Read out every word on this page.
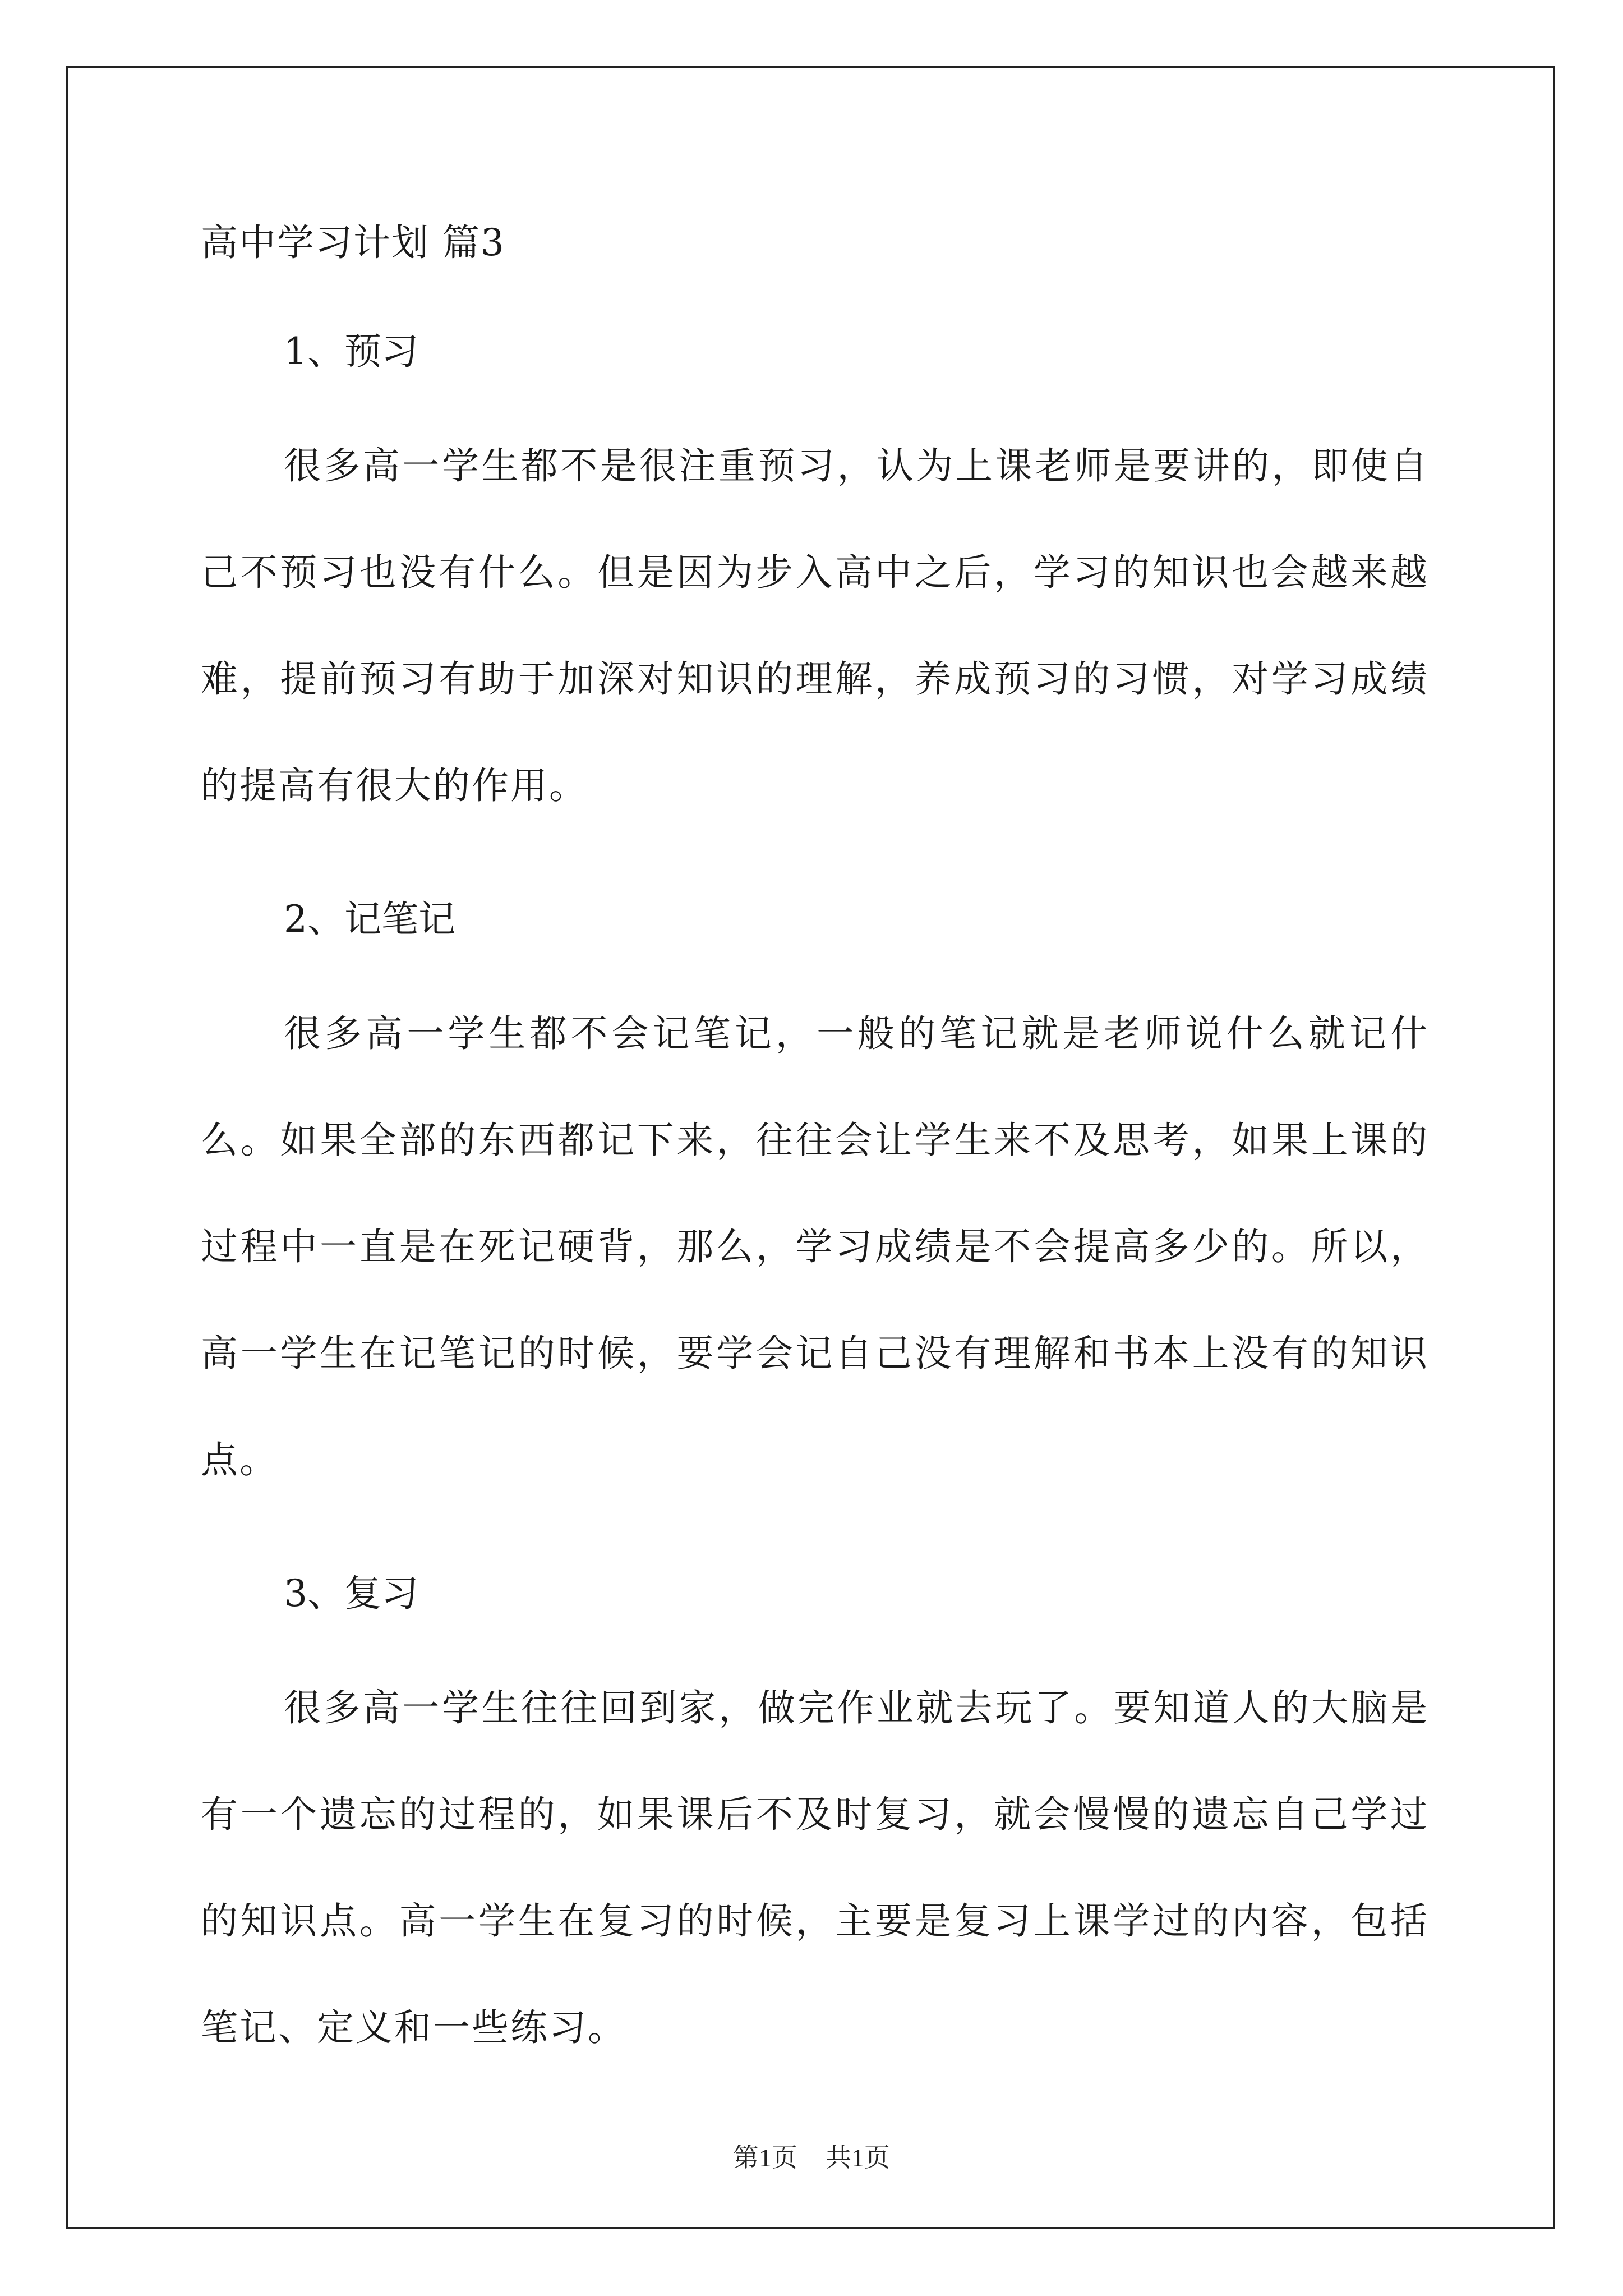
高中学习计划 篇3
1、预习

很多高一学生都不是很注重预习，认为上课老师是要讲的，即使自己不预习也没有什么。但是因为步入高中之后，学习的知识也会越来越难，提前预习有助于加深对知识的理解，养成预习的习惯，对学习成绩的提高有很大的作用。

2、记笔记

很多高一学生都不会记笔记，一般的笔记就是老师说什么就记什么。如果全部的东西都记下来，往往会让学生来不及思考，如果上课的过程中一直是在死记硬背，那么，学习成绩是不会提高多少的。所以，高一学生在记笔记的时候，要学会记自己没有理解和书本上没有的知识点。

3、复习

很多高一学生往往回到家，做完作业就去玩了。要知道人的大脑是有一个遗忘的过程的，如果课后不及时复习，就会慢慢的遗忘自己学过的知识点。高一学生在复习的时候，主要是复习上课学过的内容，包括笔记、定义和一些练习。

第1页 共1页
